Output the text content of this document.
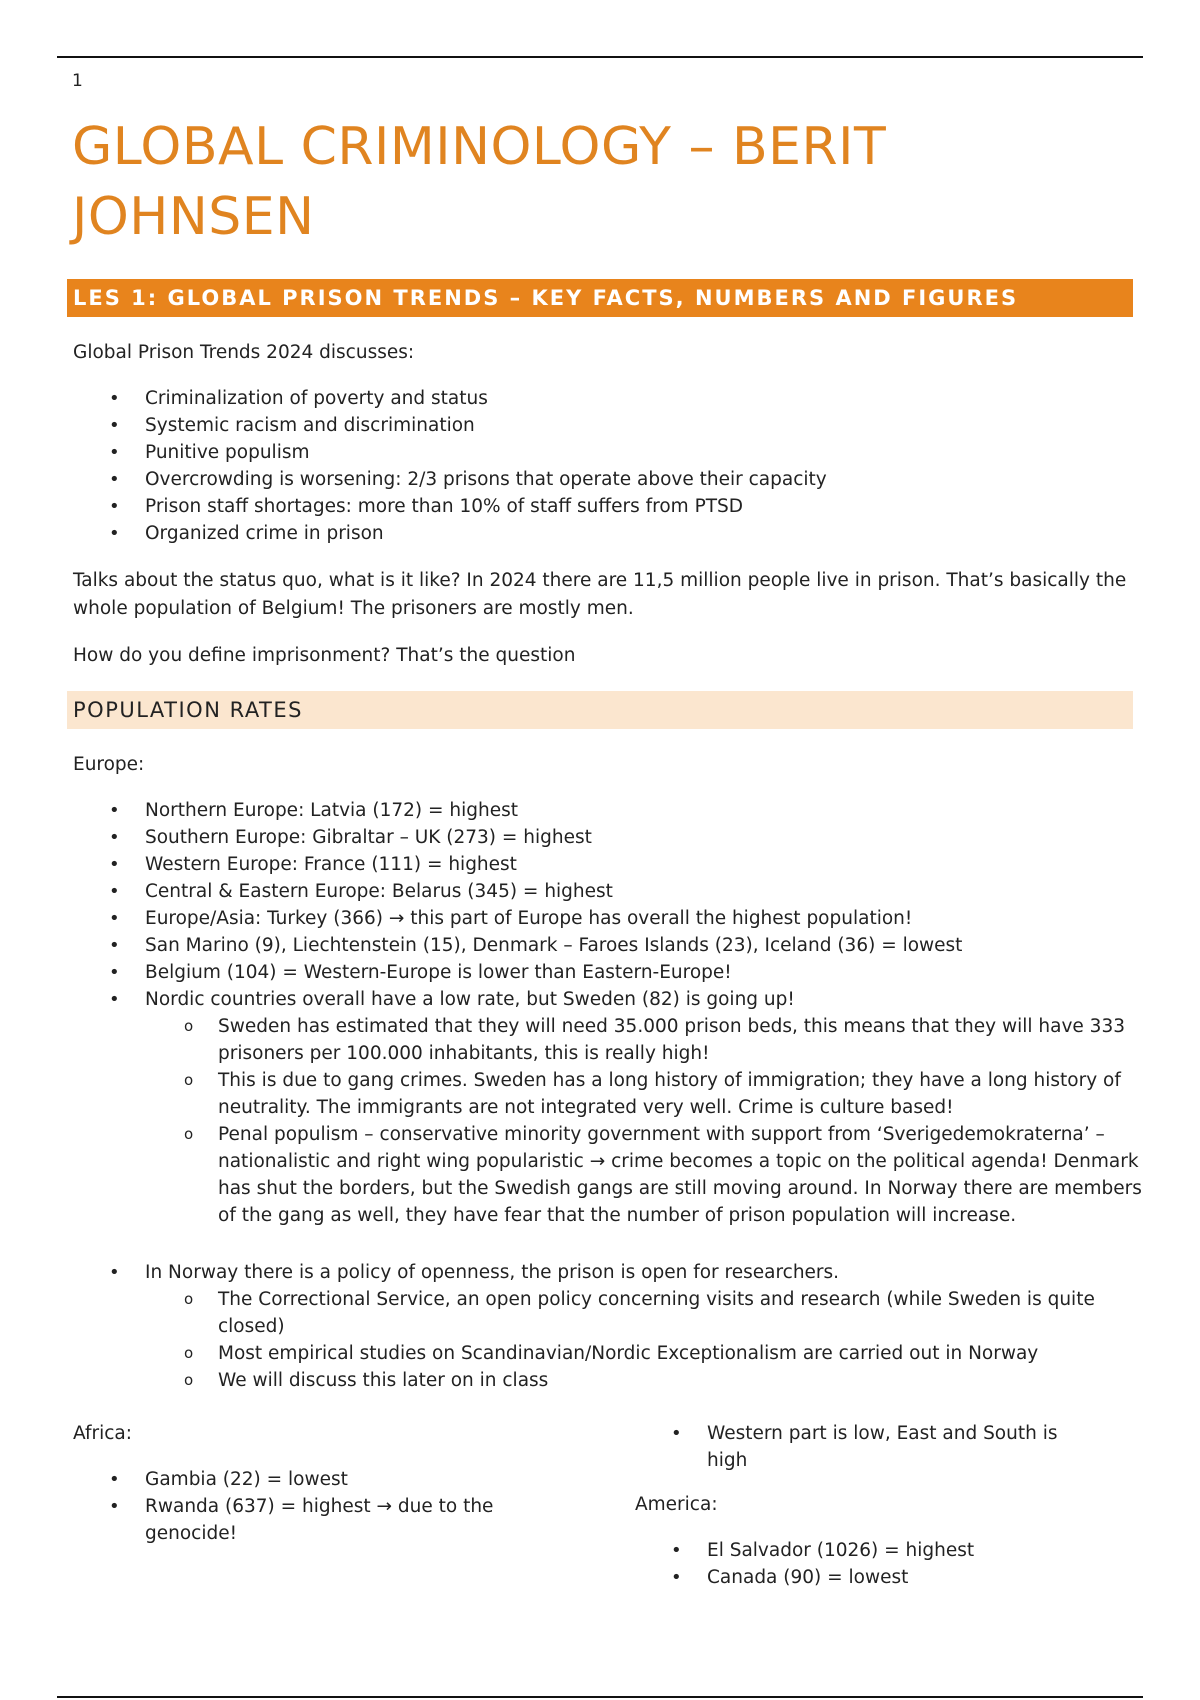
1
GLOBAL CRIMINOLOGY – BERIT JOHNSEN
LES 1: GLOBAL PRISON TRENDS – KEY FACTS, NUMBERS AND FIGURES
Global Prison Trends 2024 discusses:
• Criminalization of poverty and status
• Systemic racism and discrimination
• Punitive populism
• Overcrowding is worsening: 2/3 prisons that operate above their capacity
• Prison staff shortages: more than 10% of staff suffers from PTSD
• Organized crime in prison
Talks about the status quo, what is it like? In 2024 there are 11,5 million people live in prison. That’s basically the whole population of Belgium! The prisoners are mostly men.
How do you define imprisonment? That’s the question
POPULATION RATES
Europe:
• Northern Europe: Latvia (172) = highest
• Southern Europe: Gibraltar – UK (273) = highest
• Western Europe: France (111) = highest
• Central & Eastern Europe: Belarus (345) = highest
• Europe/Asia: Turkey (366) → this part of Europe has overall the highest population!
• San Marino (9), Liechtenstein (15), Denmark – Faroes Islands (23), Iceland (36) = lowest
• Belgium (104) = Western-Europe is lower than Eastern-Europe!
• Nordic countries overall have a low rate, but Sweden (82) is going up!
o Sweden has estimated that they will need 35.000 prison beds, this means that they will have 333 prisoners per 100.000 inhabitants, this is really high!
o This is due to gang crimes. Sweden has a long history of immigration; they have a long history of neutrality. The immigrants are not integrated very well. Crime is culture based!
o Penal populism – conservative minority government with support from ‘Sverigedemokraterna’ – nationalistic and right wing popularistic → crime becomes a topic on the political agenda! Denmark has shut the borders, but the Swedish gangs are still moving around. In Norway there are members of the gang as well, they have fear that the number of prison population will increase.
• In Norway there is a policy of openness, the prison is open for researchers.
o The Correctional Service, an open policy concerning visits and research (while Sweden is quite closed)
o Most empirical studies on Scandinavian/Nordic Exceptionalism are carried out in Norway
o We will discuss this later on in class
Africa:
• Gambia (22) = lowest
• Rwanda (637) = highest → due to the genocide!
• Western part is low, East and South is high
America:
• El Salvador (1026) = highest
• Canada (90) = lowest
